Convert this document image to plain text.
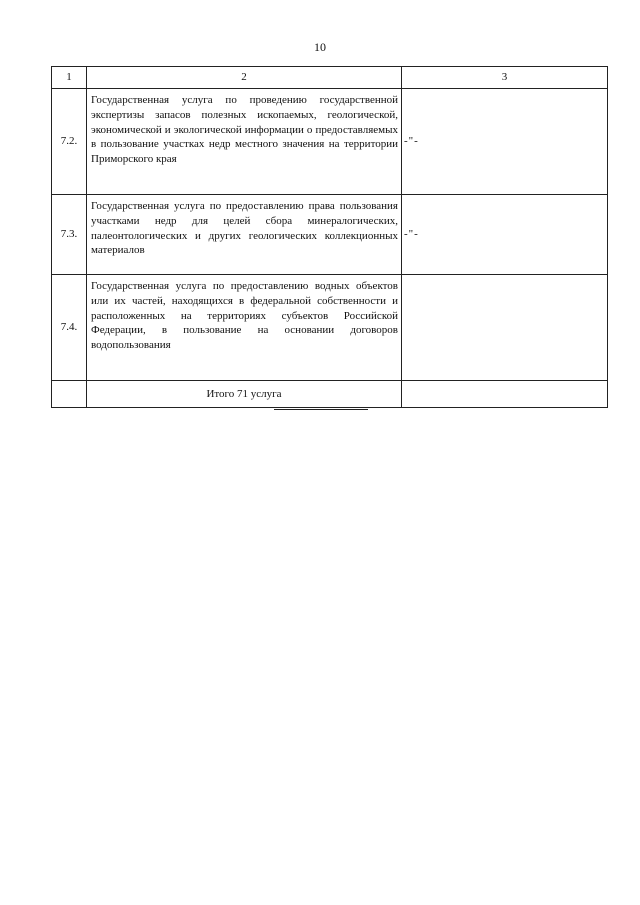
10
1	2	3
7.2.	Государственная услуга по проведению государственной экспертизы запасов полезных ископаемых, геологической, экономической и экологической информации о предоставляемых в пользование участках недр местного значения на территории Приморского края	-"-
7.3.	Государственная услуга по предоставлению права пользования участками недр для целей сбора минералогических, палеонтологических и других геологических коллекционных материалов	-"-
7.4.	Государственная услуга по предоставлению водных объектов или их частей, находящихся в федеральной собственности и расположенных на территориях субъектов Российской Федерации, в пользование на основании договоров водопользования	
	Итого 71 услуга	
